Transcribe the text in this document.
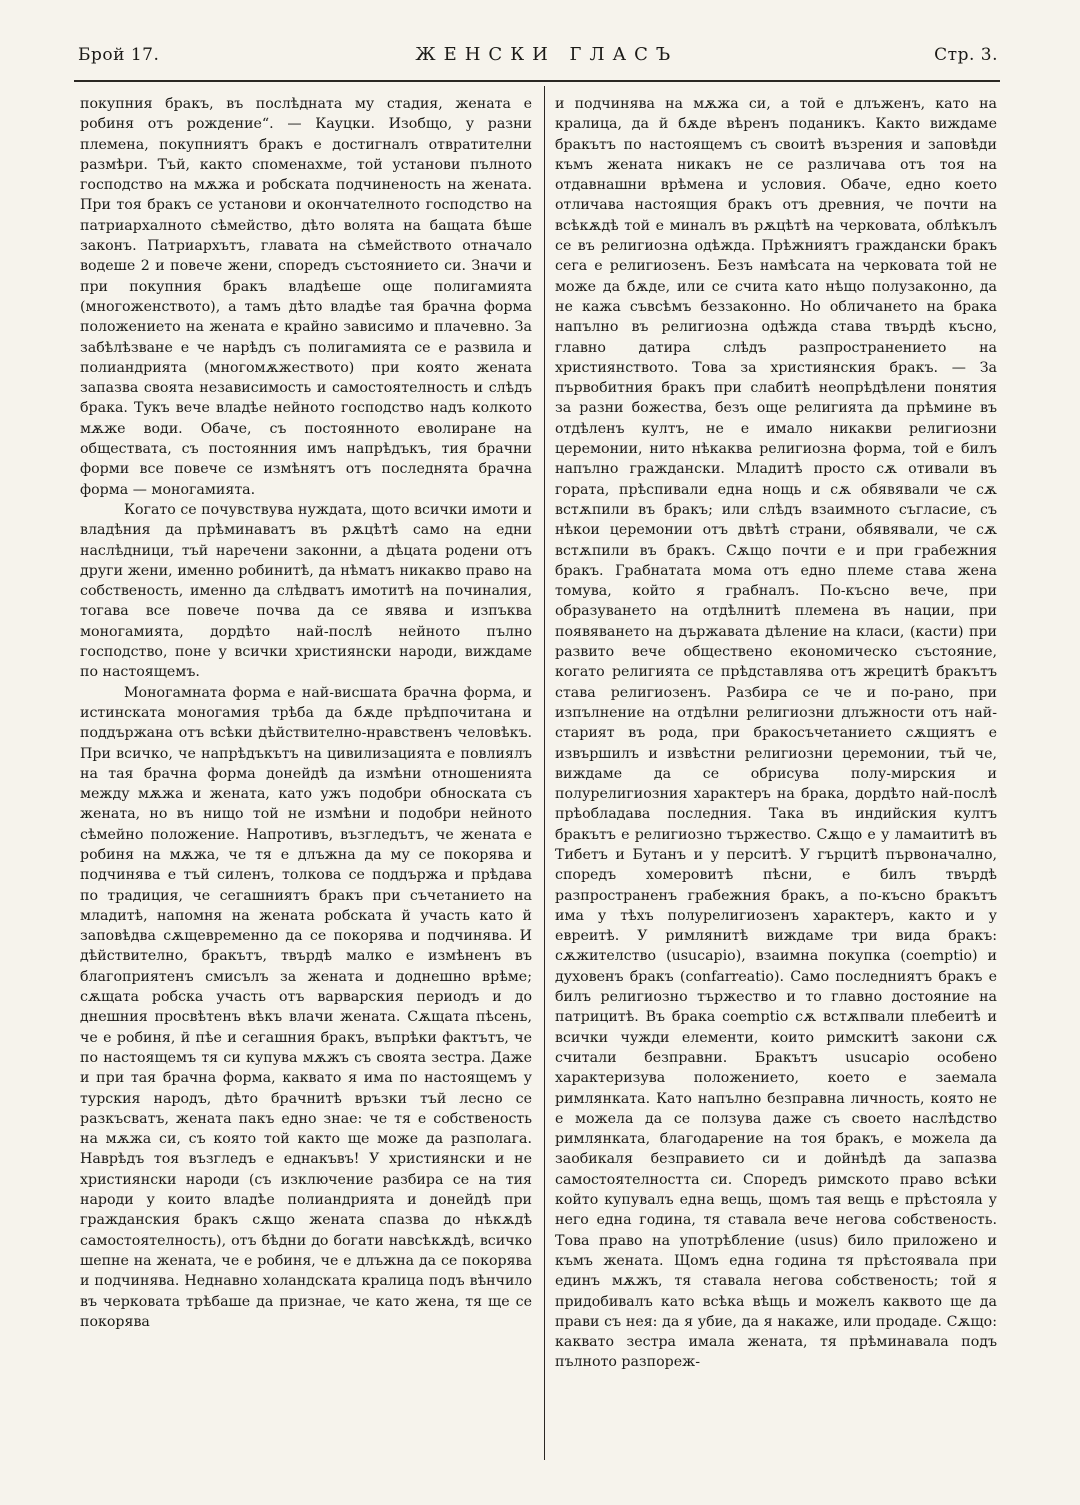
Брой 17.	ЖЕНСКИ ГЛАСЪ	Стр. 3.

покупния бракъ, въ послѣдната му стадия, жената е робиня отъ рождение“. — Кауцки. Изобщо, у разни племена, покупниятъ бракъ е достигналъ отвратителни размѣри. Тъй, както споменахме, той установи пълното господство на мѫжа и робската подчиненость на жената. При тоя бракъ се установи и окончателното господство на патриархалното сѣмейство, дѣто волята на бащата бѣше законъ. Патриархътъ, главата на сѣмейството отначало водеше 2 и повече жени, споредъ състоянието си. Значи и при покупния бракъ владѣеше още полигамията (многоженството), а тамъ дѣто владѣе тая брачна форма положението на жената е крайно зависимо и плачевно. За забѣлѣзване е че нарѣдъ съ полигамията се е развила и полиандрията (многомѫжеството) при която жената запазва своята независимость и самостоятелность и слѣдъ брака. Тукъ вече владѣе нейното господство надъ колкото мѫже води. Обаче, съ постоянното еволиране на обществата, съ постоянния имъ напрѣдъкъ, тия брачни форми все повече се измѣнятъ отъ последнята брачна форма — моногамията.

Когато се почувствува нуждата, щото всички имоти и владѣния да прѣминаватъ въ рѫцѣтѣ само на едни наслѣдници, тъй наречени законни, а дѣцата родени отъ други жени, именно робинитѣ, да нѣматъ никакво право на собственость, именно да слѣдватъ имотитѣ на починалия, тогава все повече почва да се явява и изпъква моногамията, дордѣто най-послѣ нейното пълно господство, поне у всички християнски народи, виждаме по настоящемъ.

Моногамната форма е най-висшата брачна форма, и истинската моногамия трѣба да бѫде прѣдпочитана и поддържана отъ всѣки дѣйствително-нравственъ человѣкъ. При всичко, че напрѣдъкътъ на цивилизацията е повлиялъ на тая брачна форма донейдѣ да измѣни отношенията между мѫжа и жената, като ужъ подобри обноската съ жената, но въ нищо той не измѣни и подобри нейното сѣмейно положение. Напротивъ, възгледътъ, че жената е робиня на мѫжа, че тя е длъжна да му се покорява и подчинява е тъй силенъ, толкова се поддържа и прѣдава по традиция, че сегашниятъ бракъ при съчетанието на младитѣ, напомня на жената робската й участь като й заповѣдва сѫщевременно да се покорява и подчинява. И дѣйствително, бракътъ, твърдѣ малко е измѣненъ въ благоприятенъ смисълъ за жената и доднешно врѣме; сѫщата робска участь отъ варварския периодъ и до днешния просвѣтенъ вѣкъ влачи жената. Сѫщата пѣсень, че е робиня, й пѣе и сегашния бракъ, въпрѣки фактътъ, че по настоящемъ тя си купува мѫжъ съ своята зестра. Даже и при тая брачна форма, каквато я има по настоящемъ у турския народъ, дѣто брачнитѣ връзки тъй лесно се разкъсватъ, жената пакъ едно знае: че тя е собственость на мѫжа си, съ която той както ще може да разполага. Наврѣдъ тоя възгледъ е еднакъвъ! У християнски и не християнски народи (съ изключение разбира се на тия народи у които владѣе полиандрията и донейдѣ при гражданския бракъ сѫщо жената спазва до нѣкѫдѣ самостоятелность), отъ бѣдни до богати навсѣкѫдѣ, всичко шепне на жената, че е робиня, че е длъжна да се покорява и подчинява. Неднавно холандската кралица подъ вѣнчило въ черковата трѣбаше да признае, че като жена, тя ще се покорява

и подчинява на мѫжа си, а той е длъженъ, като на кралица, да й бѫде вѣренъ поданикъ. Както виждаме бракътъ по настоящемъ съ своитѣ възрения и заповѣди къмъ жената никакъ не се различава отъ тоя на отдавнашни врѣмена и условия. Обаче, едно което отличава настоящия бракъ отъ древния, че почти на всѣкѫдѣ той е миналъ въ рѫцѣтѣ на черковата, облѣкълъ се въ религиозна одѣжда. Прѣжниятъ граждански бракъ сега е религиозенъ. Безъ намѣсата на черковата той не може да бѫде, или се счита като нѣщо полузаконно, да не кажа съвсѣмъ беззаконно. Но обличането на брака напълно въ религиозна одѣжда става твърдѣ късно, главно датира слѣдъ разпространението на християнството. Това за християнския бракъ. — За първобитния бракъ при слабитѣ неопрѣдѣлени понятия за разни божества, безъ още религията да прѣмине въ отдѣленъ култъ, не е имало никакви религиозни церемонии, нито нѣкаква религиозна форма, той е билъ напълно граждански. Младитѣ просто сѫ отивали въ гората, прѣспивали една нощь и сѫ обявявали че сѫ встѫпили въ бракъ; или слѣдъ взаимното съгласие, съ нѣкои церемонии отъ двѣтѣ страни, обявявали, че сѫ встѫпили въ бракъ. Сѫщо почти е и при грабежния бракъ. Грабнатата мома отъ едно племе става жена томува, който я грабналъ. По-късно вече, при образуването на отдѣлнитѣ племена въ нации, при появяването на държавата дѣление на класи, (касти) при развито вече обществено економическо състояние, когато религията се прѣдставлява отъ жрецитѣ бракътъ става религиозенъ. Разбира се че и по-рано, при изпълнение на отдѣлни религиозни длъжности отъ най-старият въ рода, при бракосъчетанието сѫщиятъ е извършилъ и извѣстни религиозни церемонии, тъй че, виждаме да се обрисува полу-мирския и полурелигиозния характеръ на брака, дордѣто най-послѣ прѣобладава последния. Така въ индийския култъ бракътъ е религиозно тържество. Сѫщо е у ламаититѣ въ Тибетъ и Бутанъ и у перситѣ. У гърцитѣ първоначално, споредъ хомеровитѣ пѣсни, е билъ твърдѣ разпространенъ грабежния бракъ, а по-късно бракътъ има у тѣхъ полурелигиозенъ характеръ, както и у евреитѣ. У римлянитѣ виждаме три вида бракъ: сѫжителство (usucapio), взаимна покупка (coemptio) и духовенъ бракъ (confarreatio). Само последниятъ бракъ е билъ религиозно тържество и то главно достояние на патрицитѣ. Въ брака coemptio сѫ встѫпвали плебеитѣ и всички чужди елементи, които римскитѣ закони сѫ считали безправни. Бракътъ usucapio особено характеризува положението, което е заемала римлянката. Като напълно безправна личность, която не е можела да се ползува даже съ своето наслѣдство римлянката, благодарение на тоя бракъ, е можела да заобикаля безправието си и дойнѣдѣ да запазва самостоятелността си. Споредъ римското право всѣки който купувалъ една вещь, щомъ тая вещь е прѣстояла у него една година, тя ставала вече негова собственость. Това право на употрѣбление (usus) било приложено и къмъ жената. Щомъ една година тя прѣстоявала при единъ мѫжъ, тя ставала негова собственость; той я придобивалъ като всѣка вѣщь и можелъ каквото ще да прави съ нея: да я убие, да я накаже, или продаде. Сѫщо: каквато зестра имала жената, тя прѣминавала подъ пълното разпореж-
